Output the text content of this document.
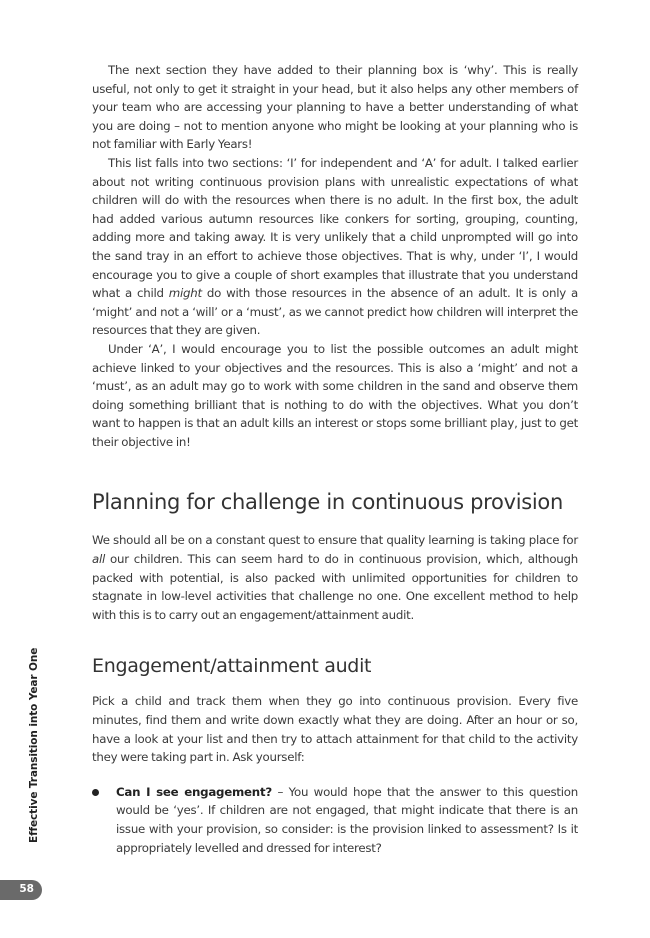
The next section they have added to their planning box is ‘why’. This is really useful, not only to get it straight in your head, but it also helps any other members of your team who are accessing your planning to have a better understanding of what you are doing – not to mention anyone who might be looking at your planning who is not familiar with Early Years!

This list falls into two sections: ‘I’ for independent and ‘A’ for adult. I talked earlier about not writing continuous provision plans with unrealistic expectations of what children will do with the resources when there is no adult. In the first box, the adult had added various autumn resources like conkers for sorting, grouping, counting, adding more and taking away. It is very unlikely that a child unprompted will go into the sand tray in an effort to achieve those objectives. That is why, under ‘I’, I would encourage you to give a couple of short examples that illustrate that you understand what a child might do with those resources in the absence of an adult. It is only a ‘might’ and not a ‘will’ or a ‘must’, as we cannot predict how children will interpret the resources that they are given.

Under ‘A’, I would encourage you to list the possible outcomes an adult might achieve linked to your objectives and the resources. This is also a ‘might’ and not a ‘must’, as an adult may go to work with some children in the sand and observe them doing something brilliant that is nothing to do with the objectives. What you don’t want to happen is that an adult kills an interest or stops some brilliant play, just to get their objective in!

Planning for challenge in continuous provision

We should all be on a constant quest to ensure that quality learning is taking place for all our children. This can seem hard to do in continuous provision, which, although packed with potential, is also packed with unlimited opportunities for children to stagnate in low-level activities that challenge no one. One excellent method to help with this is to carry out an engagement/attainment audit.

Engagement/attainment audit

Pick a child and track them when they go into continuous provision. Every five minutes, find them and write down exactly what they are doing. After an hour or so, have a look at your list and then try to attach attainment for that child to the activity they were taking part in. Ask yourself:

Can I see engagement? – You would hope that the answer to this question would be ‘yes’. If children are not engaged, that might indicate that there is an issue with your provision, so consider: is the provision linked to assessment? Is it appropriately levelled and dressed for interest?

Effective Transition into Year One
58
